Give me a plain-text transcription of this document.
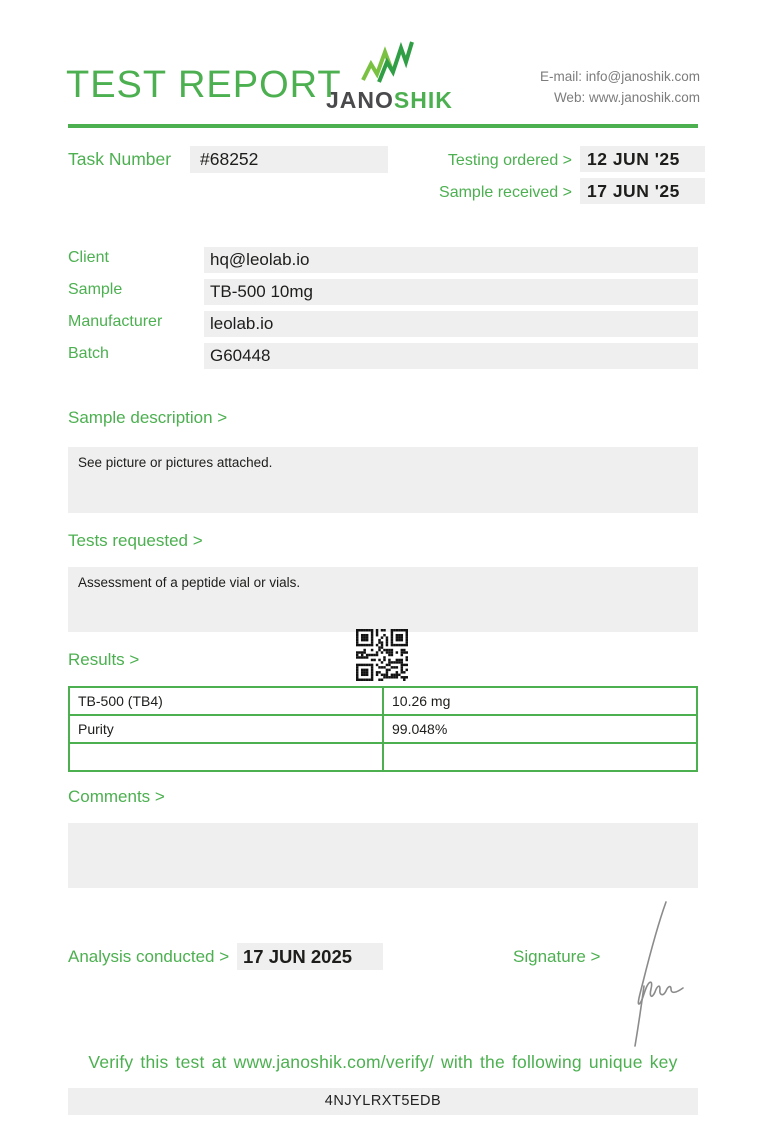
TEST REPORT
JANOSHIK
E-mail: info@janoshik.com
Web: www.janoshik.com
Task Number	#68252	Testing ordered > 12 JUN '25
Sample received > 17 JUN '25
Client	hq@leolab.io
Sample	TB-500 10mg
Manufacturer	leolab.io
Batch	G60448
Sample description >
See picture or pictures attached.
Tests requested >
Assessment of a peptide vial or vials.
Results >
TB-500 (TB4)	10.26 mg
Purity	99.048%

Comments >
Analysis conducted > 17 JUN 2025	Signature >
Verify this test at www.janoshik.com/verify/ with the following unique key
4NJYLRXT5EDB
